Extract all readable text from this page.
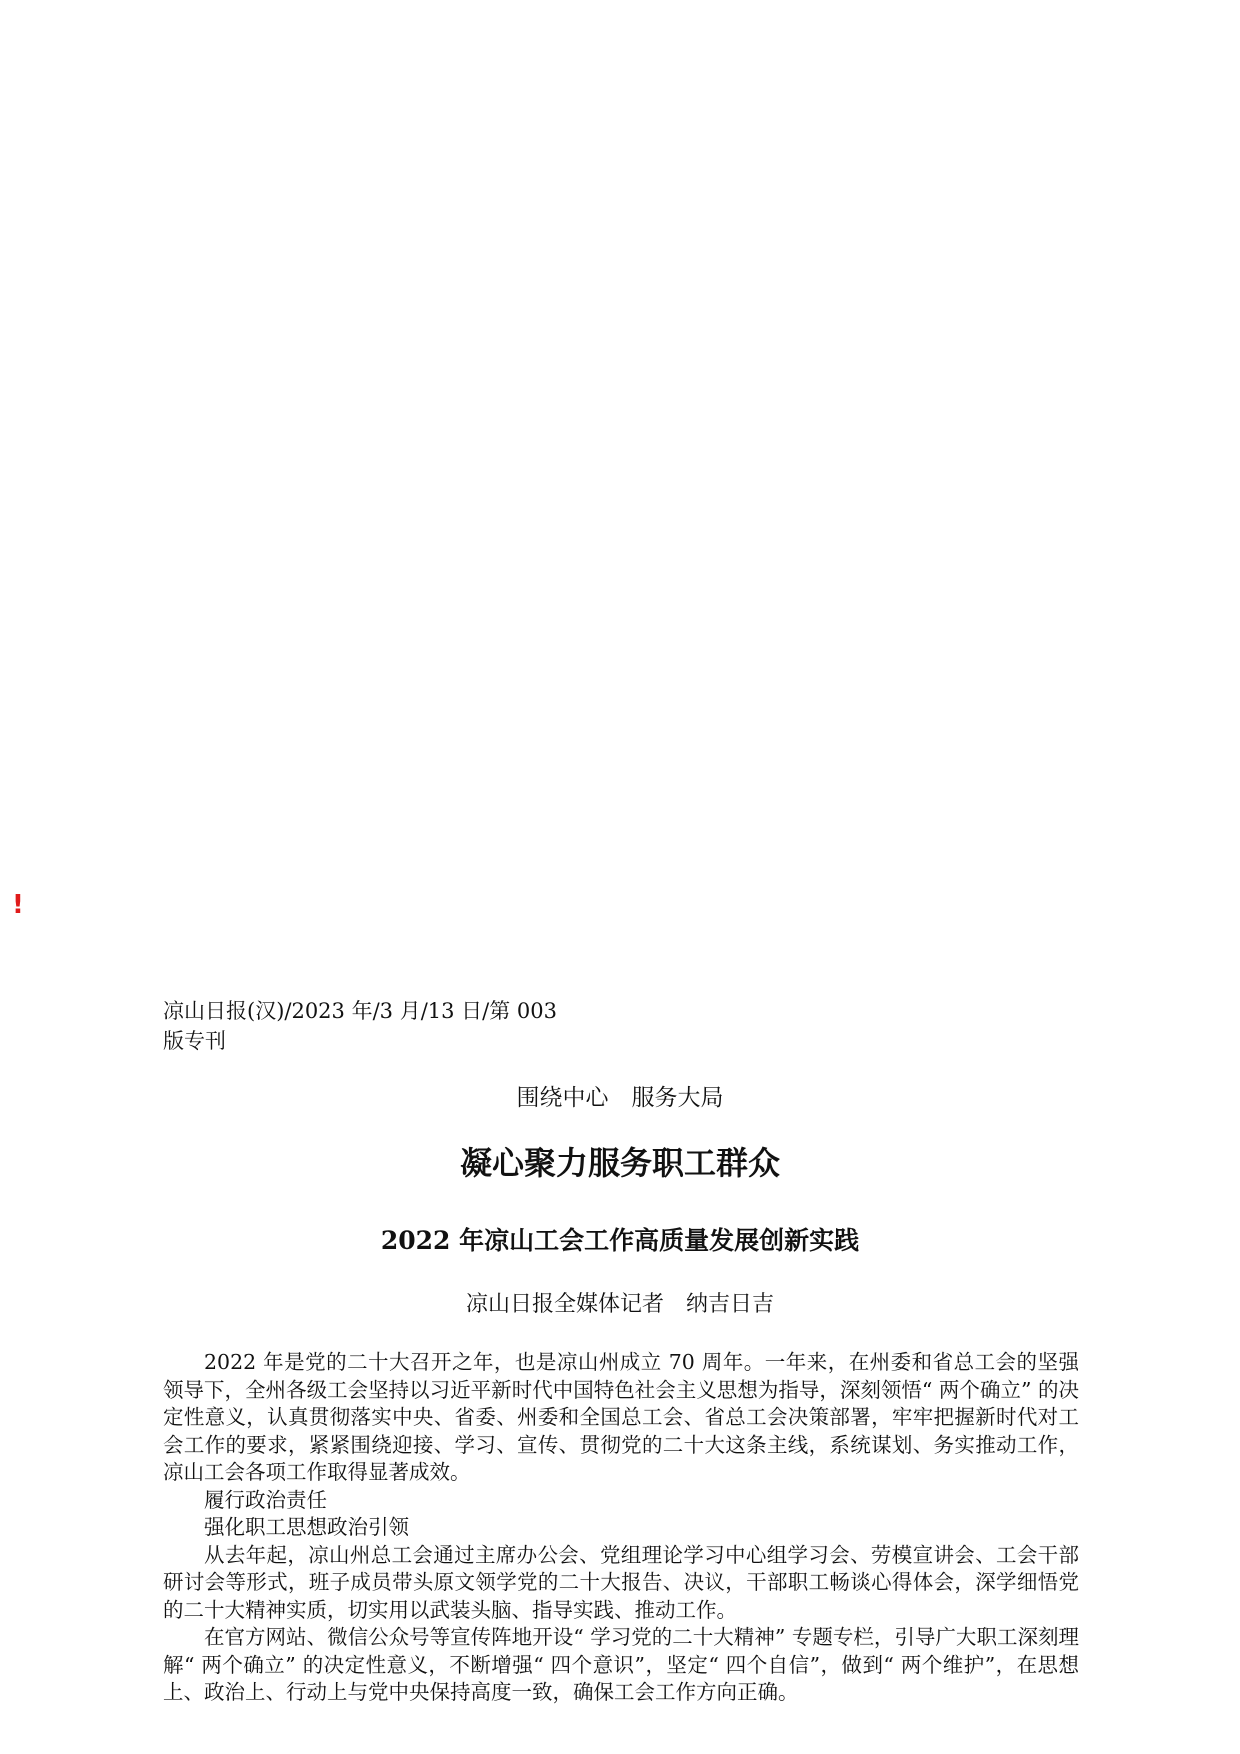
!
凉山日报(汉)/2023 年/3 月/13 日/第 003 版专刊
围绕中心　服务大局
凝心聚力服务职工群众
2022 年凉山工会工作高质量发展创新实践
凉山日报全媒体记者　纳吉日吉

2022 年是党的二十大召开之年，也是凉山州成立 70 周年。一年来，在州委和省总工会的坚强领导下，全州各级工会坚持以习近平新时代中国特色社会主义思想为指导，深刻领悟“ 两个确立” 的决定性意义，认真贯彻落实中央、省委、州委和全国总工会、省总工会决策部署，牢牢把握新时代对工会工作的要求，紧紧围绕迎接、学习、宣传、贯彻党的二十大这条主线，系统谋划、务实推动工作，凉山工会各项工作取得显著成效。

履行政治责任

强化职工思想政治引领

从去年起，凉山州总工会通过主席办公会、党组理论学习中心组学习会、劳模宣讲会、工会干部研讨会等形式，班子成员带头原文领学党的二十大报告、决议，干部职工畅谈心得体会，深学细悟党的二十大精神实质，切实用以武装头脑、指导实践、推动工作。

在官方网站、微信公众号等宣传阵地开设“ 学习党的二十大精神” 专题专栏，引导广大职工深刻理解“ 两个确立” 的决定性意义，不断增强“ 四个意识”，坚定“ 四个自信”，做到“ 两个维护”，在思想上、政治上、行动上与党中央保持高度一致，确保工会工作方向正确。
